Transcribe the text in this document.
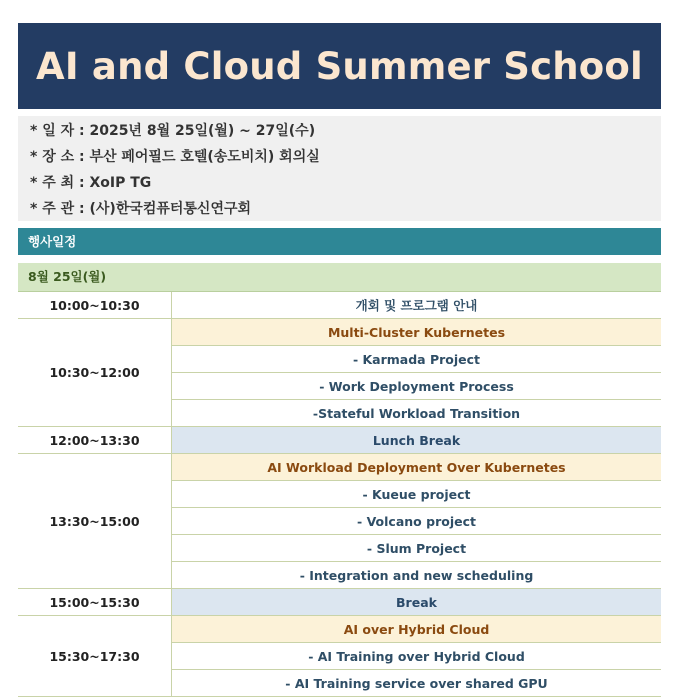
AI and Cloud Summer School
* 일 자 : 2025년 8월 25일(월) ~ 27일(수)
* 장 소 : 부산 페어필드 호텔(송도비치) 회의실
* 주 최 : XoIP TG
* 주 관 : (사)한국컴퓨터통신연구회
행사일정
8월 25일(월)
10:00~10:30	개회 및 프로그램 안내
10:30~12:00	Multi-Cluster Kubernetes
	- Karmada Project
	- Work Deployment Process
	-Stateful Workload Transition
12:00~13:30	Lunch Break
13:30~15:00	AI Workload Deployment Over Kubernetes
	- Kueue project
	- Volcano project
	- Slum Project
	- Integration and new scheduling
15:00~15:30	Break
15:30~17:30	AI over Hybrid Cloud
	- AI Training over Hybrid Cloud
	- AI Training service over shared GPU
